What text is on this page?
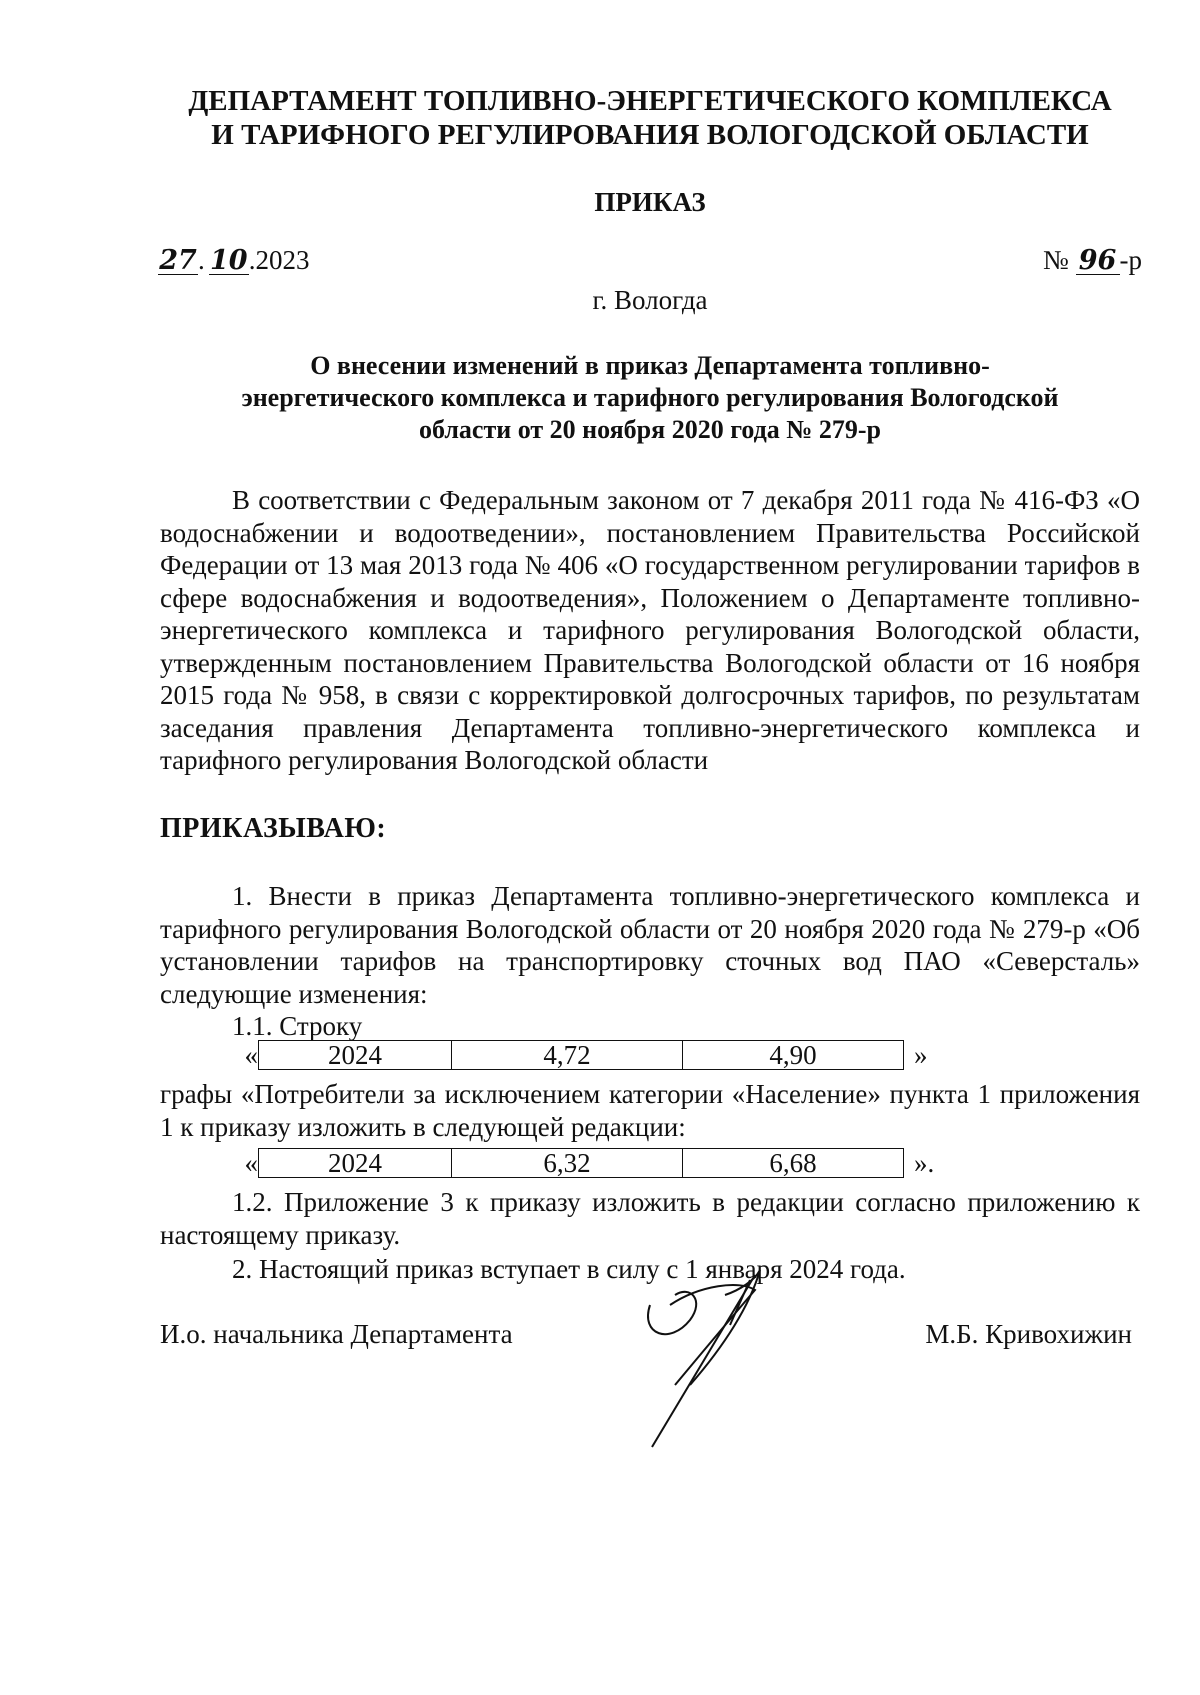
ДЕПАРТАМЕНТ ТОПЛИВНО-ЭНЕРГЕТИЧЕСКОГО КОМПЛЕКСА
И ТАРИФНОГО РЕГУЛИРОВАНИЯ ВОЛОГОДСКОЙ ОБЛАСТИ
ПРИКАЗ
27. 10.2023	№ 96 -р
г. Вологда
О внесении изменений в приказ Департамента топливно-
энергетического комплекса и тарифного регулирования Вологодской
области от 20 ноября 2020 года № 279-р

В соответствии с Федеральным законом от 7 декабря 2011 года № 416-ФЗ «О водоснабжении и водоотведении», постановлением Правительства Российской Федерации от 13 мая 2013 года № 406 «О государственном регулировании тарифов в сфере водоснабжения и водоотведения», Положением о Департаменте топливно-энергетического комплекса и тарифного регулирования Вологодской области, утвержденным постановлением Правительства Вологодской области от 16 ноября 2015 года № 958, в связи с корректировкой долгосрочных тарифов, по результатам заседания правления Департамента топливно-энергетического комплекса и тарифного регулирования Вологодской области

ПРИКАЗЫВАЮ:

1. Внести в приказ Департамента топливно-энергетического комплекса и тарифного регулирования Вологодской области от 20 ноября 2020 года № 279-р «Об установлении тарифов на транспортировку сточных вод ПАО «Северсталь» следующие изменения:

1.1. Строку

«	2024	4,72	4,90	»

графы «Потребители за исключением категории «Население» пункта 1 приложения 1 к приказу изложить в следующей редакции:

«	2024	6,32	6,68	».

1.2. Приложение 3 к приказу изложить в редакции согласно приложению к настоящему приказу.

2. Настоящий приказ вступает в силу с 1 января 2024 года.

И.о. начальника Департамента	М.Б. Кривохижин
